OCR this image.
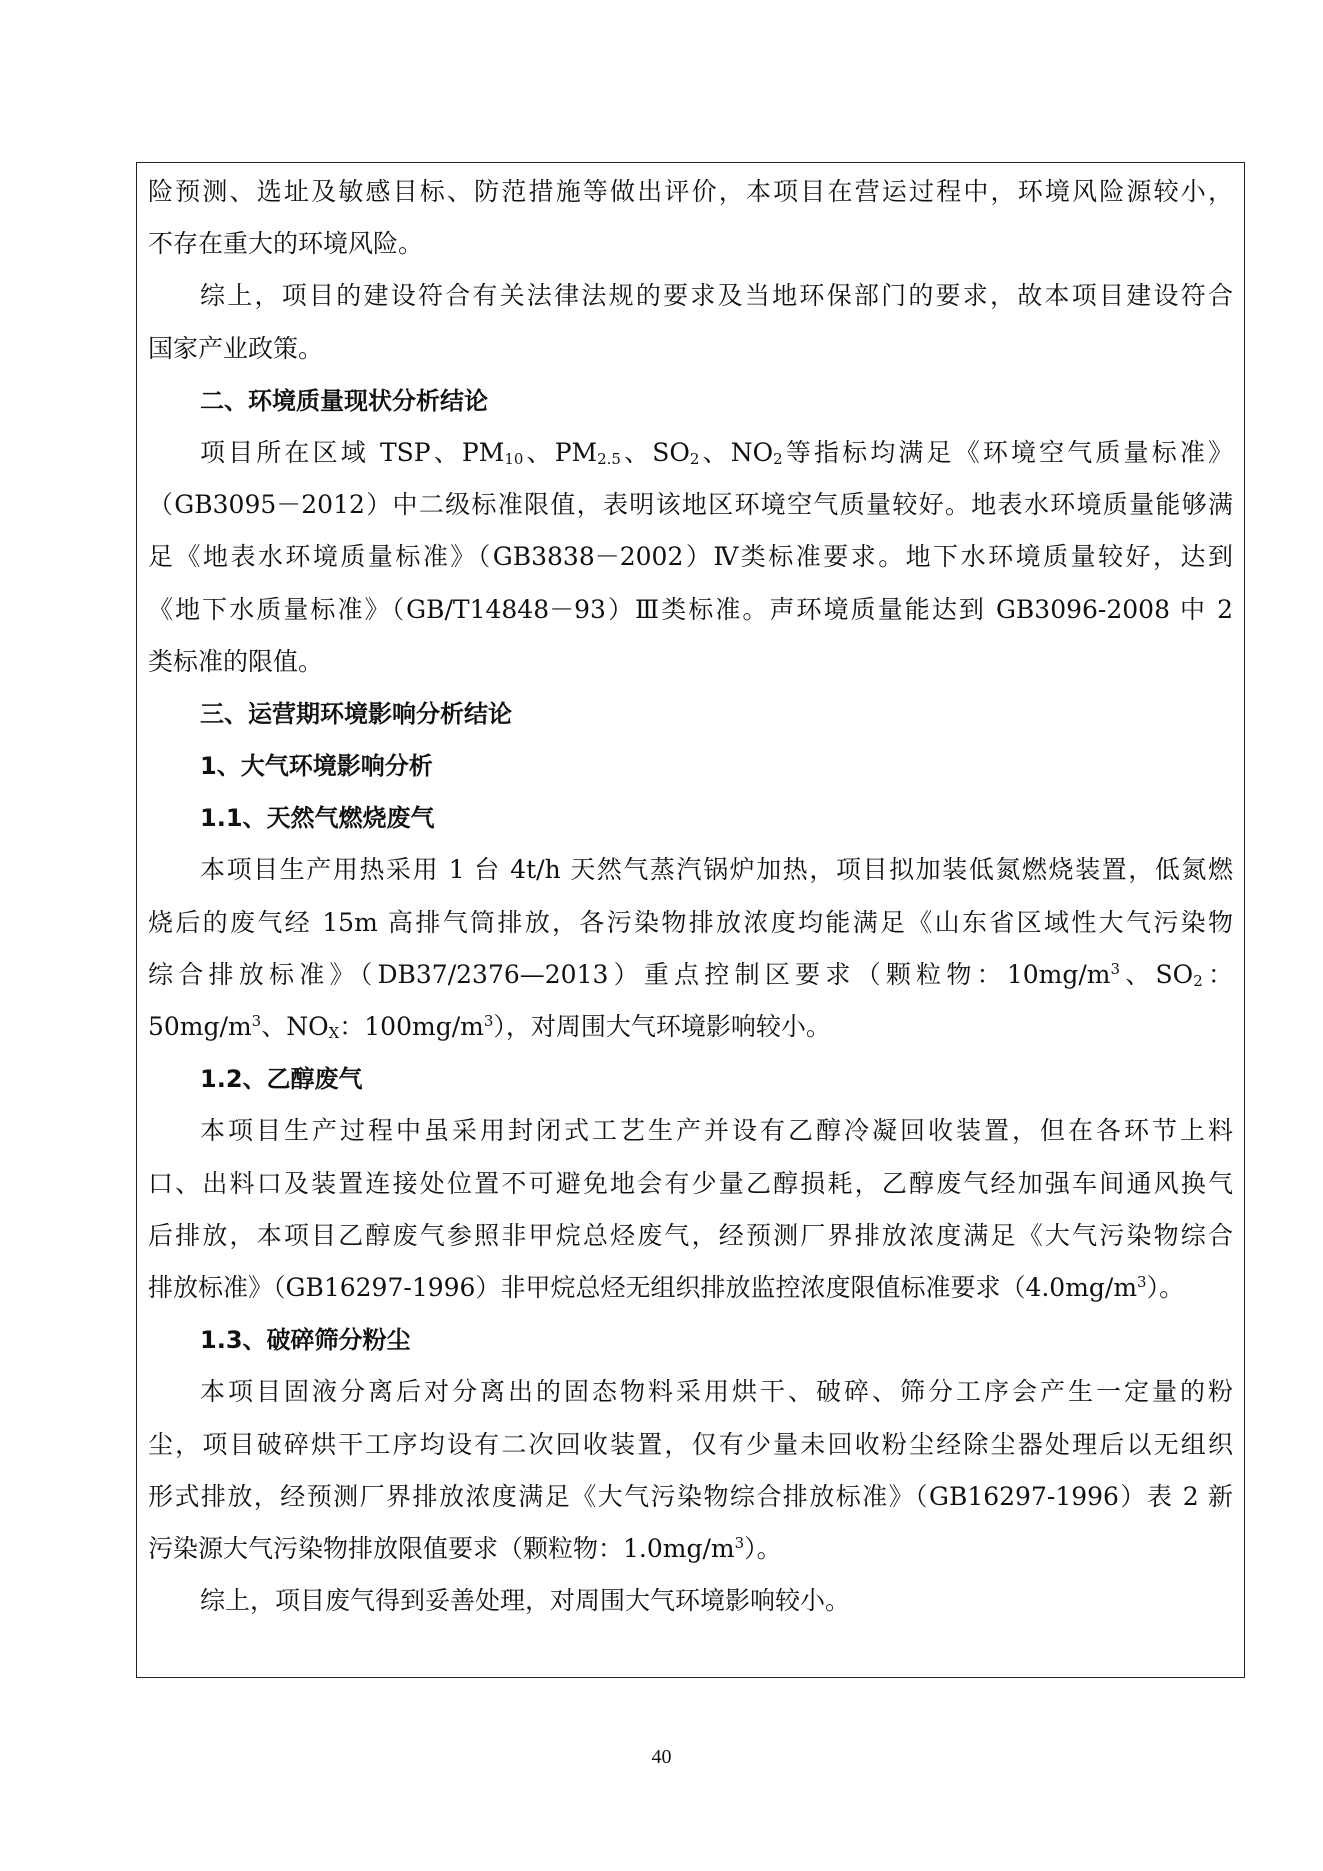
险预测、选址及敏感目标、防范措施等做出评价，本项目在营运过程中，环境风险源较小，
不存在重大的环境风险。
综上，项目的建设符合有关法律法规的要求及当地环保部门的要求，故本项目建设符合
国家产业政策。
二、环境质量现状分析结论
项目所在区域 TSP、$PM_{10}$、$PM_{2.5}$、$SO_2$、$NO_2$等指标均满足《环境空气质量标准》
（GB3095－2012）中二级标准限值，表明该地区环境空气质量较好。地表水环境质量能够满
足《地表水环境质量标准》（GB3838－2002）Ⅳ类标准要求。地下水环境质量较好，达到
《地下水质量标准》（GB/T14848－93）Ⅲ类标准。声环境质量能达到 GB3096-2008 中 2
类标准的限值。
三、运营期环境影响分析结论
1、大气环境影响分析
1.1、天然气燃烧废气
本项目生产用热采用 1 台 4t/h 天然气蒸汽锅炉加热，项目拟加装低氮燃烧装置，低氮燃
烧后的废气经 15m 高排气筒排放，各污染物排放浓度均能满足《山东省区域性大气污染物
综合排放标准》（DB37/2376—2013）重点控制区要求（颗粒物：$10mg/m^3$、$SO_2$：
$50mg/m^3$、$NO_X$：$100mg/m^3$），对周围大气环境影响较小。
1.2、乙醇废气
本项目生产过程中虽采用封闭式工艺生产并设有乙醇冷凝回收装置，但在各环节上料
口、出料口及装置连接处位置不可避免地会有少量乙醇损耗，乙醇废气经加强车间通风换气
后排放，本项目乙醇废气参照非甲烷总烃废气，经预测厂界排放浓度满足《大气污染物综合
排放标准》（GB16297-1996）非甲烷总烃无组织排放监控浓度限值标准要求$(4.0mg/m^3)$。
1.3、破碎筛分粉尘
本项目固液分离后对分离出的固态物料采用烘干、破碎、筛分工序会产生一定量的粉
尘，项目破碎烘干工序均设有二次回收装置，仅有少量未回收粉尘经除尘器处理后以无组织
形式排放，经预测厂界排放浓度满足《大气污染物综合排放标准》（GB16297-1996）表 2 新
污染源大气污染物排放限值要求（颗粒物：$1.0mg/m^3$）。
综上，项目废气得到妥善处理，对周围大气环境影响较小。
40
